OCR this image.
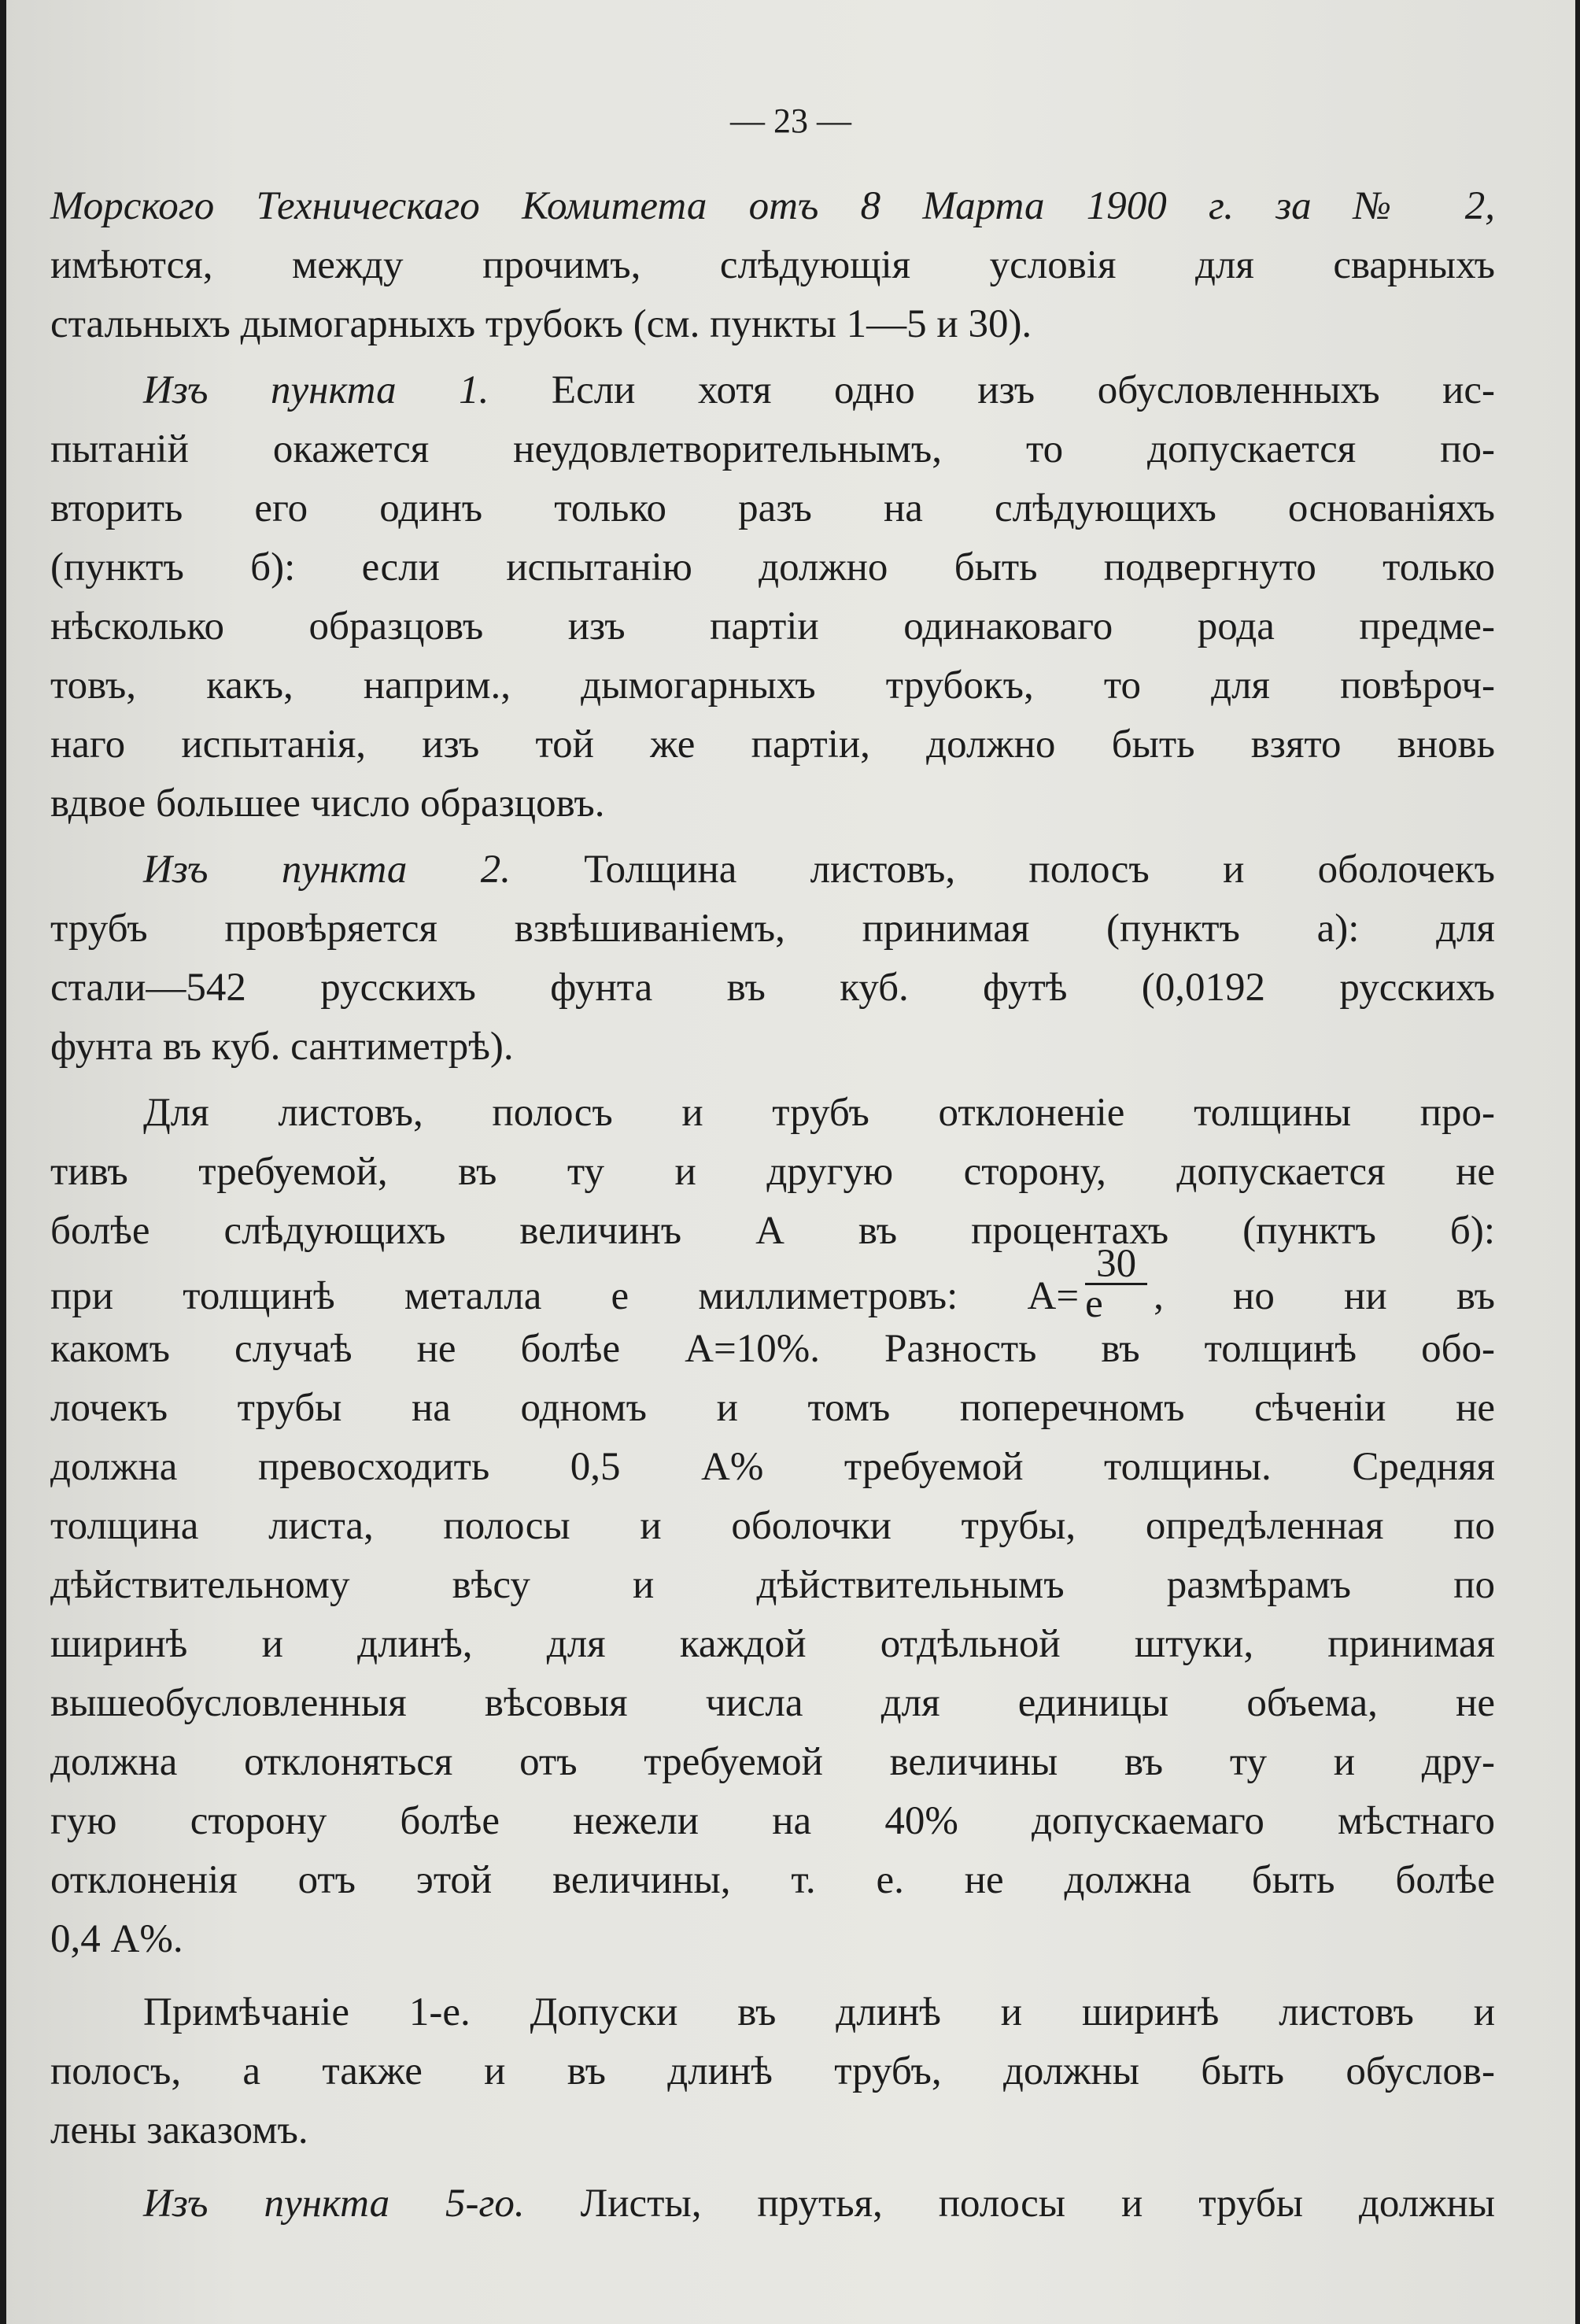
— 23 —
Морского Техническаго Комитета отъ 8 Марта 1900 г. за № 2,
имѣются, между прочимъ, слѣдующія условія для сварныхъ
стальныхъ дымогарныхъ трубокъ (см. пункты 1—5 и 30).
Изъ пункта 1. Если хотя одно изъ обусловленныхъ ис-
пытаній окажется неудовлетворительнымъ, то допускается по-
вторить его одинъ только разъ на слѣдующихъ основаніяхъ
(пунктъ б): если испытанію должно быть подвергнуто только
нѣсколько образцовъ изъ партіи одинаковаго рода предме-
товъ, какъ, наприм., дымогарныхъ трубокъ, то для повѣроч-
наго испытанія, изъ той же партіи, должно быть взято вновь
вдвое большее число образцовъ.
Изъ пункта 2. Толщина листовъ, полосъ и оболочекъ
трубъ провѣряется взвѣшиваніемъ, принимая (пунктъ а): для
стали—542 русскихъ фунта въ куб. футѣ (0,0192 русскихъ
фунта въ куб. сантиметрѣ).
Для листовъ, полосъ и трубъ отклоненіе толщины про-
тивъ требуемой, въ ту и другую сторону, допускается не
болѣе слѣдующихъ величинъ А въ процентахъ (пунктъ б):
при толщинѣ металла е миллиметровъ: $А= \frac{30}{е}$ , но ни въ
какомъ случаѣ не болѣе А=10%. Разность въ толщинѣ обо-
лочекъ трубы на одномъ и томъ поперечномъ сѣченіи не
должна превосходить 0,5 А% требуемой толщины. Средняя
толщина листа, полосы и оболочки трубы, опредѣленная по
дѣйствительному вѣсу и дѣйствительнымъ размѣрамъ по
ширинѣ и длинѣ, для каждой отдѣльной штуки, принимая
вышеобусловленныя вѣсовыя числа для единицы объема, не
должна отклоняться отъ требуемой величины въ ту и дру-
гую сторону болѣе нежели на 40% допускаемаго мѣстнаго
отклоненія отъ этой величины, т. е. не должна быть болѣе
0,4 А%.
Примѣчаніе 1-е. Допуски въ длинѣ и ширинѣ листовъ и
полосъ, а также и въ длинѣ трубъ, должны быть обуслов-
лены заказомъ.
Изъ пункта 5-го. Листы, прутья, полосы и трубы должны
